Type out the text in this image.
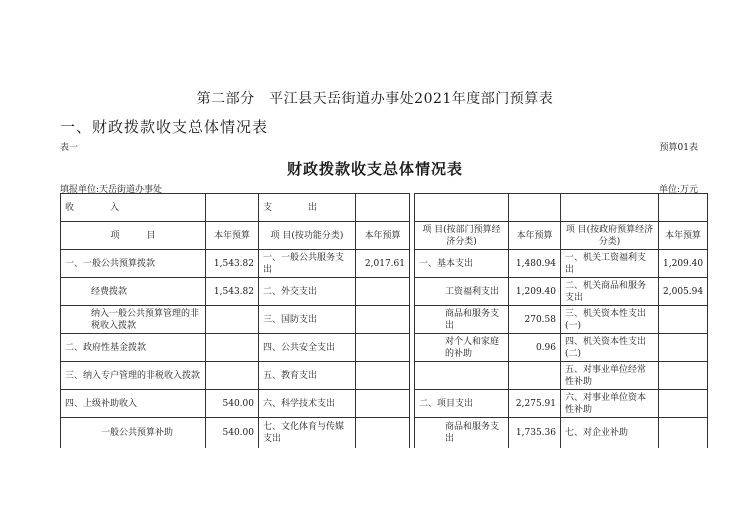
第二部分　平江县天岳街道办事处2021年度部门预算表
一、财政拨款收支总体情况表
表一	预算01表
财政拨款收支总体情况表
填报单位:天岳街道办事处	单位:万元
收　　　　入		支　　　　出						
项　　　目	本年预算	项 目(按功能分类)	本年预算		项 目(按部门预算经济分类)	本年预算	项 目(按政府预算经济分类)	本年预算
一、一般公共预算拨款	1,543.82	一、一般公共服务支出	2,017.61		一、基本支出	1,480.94	一、机关工资福利支出	1,209.40
经费拨款	1,543.82	二、外交支出			工资福利支出	1,209.40	二、机关商品和服务支出	2,005.94
纳入一般公共预算管理的非税收入拨款		三、国防支出			商品和服务支出	270.58	三、机关资本性支出(一)	
二、政府性基金拨款		四、公共安全支出			对个人和家庭的补助	0.96	四、机关资本性支出(二)	
三、纳入专户管理的非税收入拨款		五、教育支出					五、对事业单位经常性补助	
四、上级补助收入	540.00	六、科学技术支出			二、项目支出	2,275.91	六、对事业单位资本性补助	
一般公共预算补助	540.00	七、文化体育与传媒支出			商品和服务支出	1,735.36	七、对企业补助	
